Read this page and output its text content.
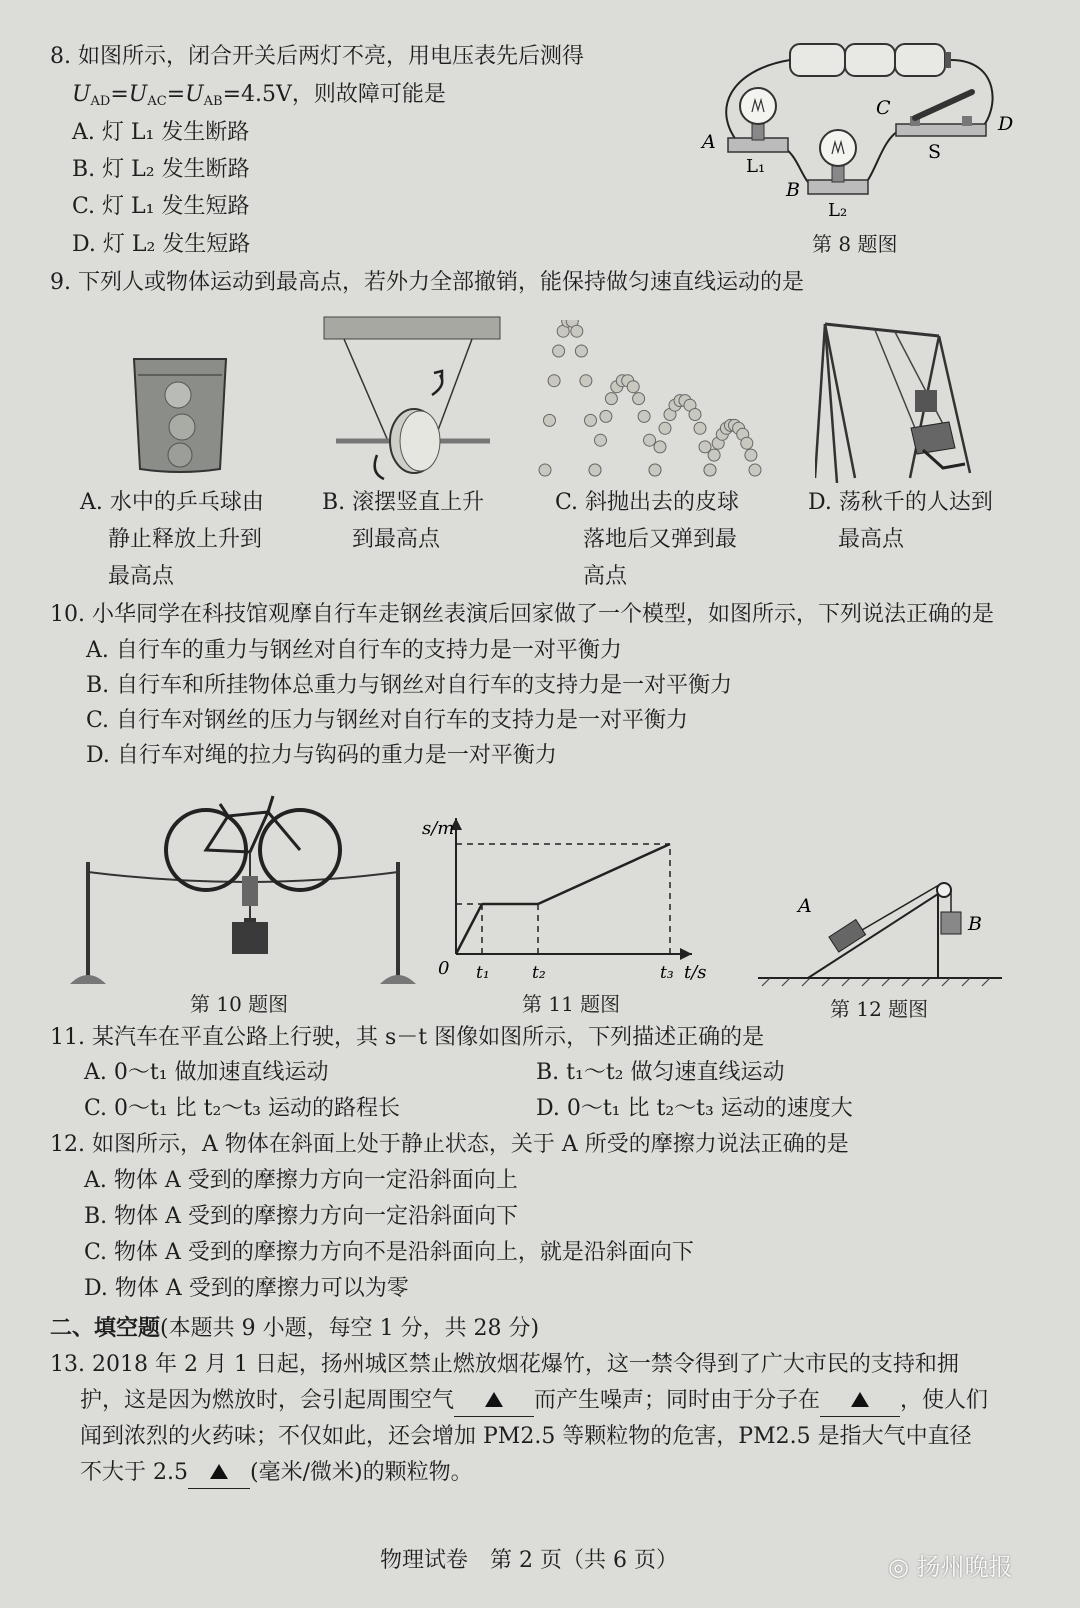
8. 如图所示，闭合开关后两灯不亮，用电压表先后测得
$U_{AD}=U_{AC}=U_{AB}=4.5V$，则故障可能是
A. 灯 L₁ 发生断路
B. 灯 L₂ 发生断路
C. 灯 L₁ 发生短路
D. 灯 L₂ 发生短路
A
B
C
D
S
L₁
L₂
第 8 题图
9. 下列人或物体运动到最高点，若外力全部撤销，能保持做匀速直线运动的是
A. 水中的乒乓球由
静止释放上升到
最高点
B. 滚摆竖直上升
到最高点
C. 斜抛出去的皮球
落地后又弹到最
高点
D. 荡秋千的人达到
最高点
10. 小华同学在科技馆观摩自行车走钢丝表演后回家做了一个模型，如图所示，下列说法正确的是
A. 自行车的重力与钢丝对自行车的支持力是一对平衡力
B. 自行车和所挂物体总重力与钢丝对自行车的支持力是一对平衡力
C. 自行车对钢丝的压力与钢丝对自行车的支持力是一对平衡力
D. 自行车对绳的拉力与钩码的重力是一对平衡力
第 10 题图
s/m
t/s
0 t₁ t₂	t₃
第 11 题图
A
B
第 12 题图
11. 某汽车在平直公路上行驶，其 s－t 图像如图所示，下列描述正确的是
A. 0～t₁ 做加速直线运动	B. t₁～t₂ 做匀速直线运动
C. 0～t₁ 比 t₂～t₃ 运动的路程长	D. 0～t₁ 比 t₂～t₃ 运动的速度大
12. 如图所示，A 物体在斜面上处于静止状态，关于 A 所受的摩擦力说法正确的是
A. 物体 A 受到的摩擦力方向一定沿斜面向上
B. 物体 A 受到的摩擦力方向一定沿斜面向下
C. 物体 A 受到的摩擦力方向不是沿斜面向上，就是沿斜面向下
D. 物体 A 受到的摩擦力可以为零
二、填空题(本题共 9 小题，每空 1 分，共 28 分)
13. 2018 年 2 月 1 日起，扬州城区禁止燃放烟花爆竹，这一禁令得到了广大市民的支持和拥
护，这是因为燃放时，会引起周围空气	而产生噪声；同时由于分子在	，使人们
闻到浓烈的火药味；不仅如此，还会增加 PM2.5 等颗粒物的危害，PM2.5 是指大气中直径
不大于 2.5	(毫米/微米)的颗粒物。
物理试卷　第 2 页（共 6 页）	◎ 扬州晚报
